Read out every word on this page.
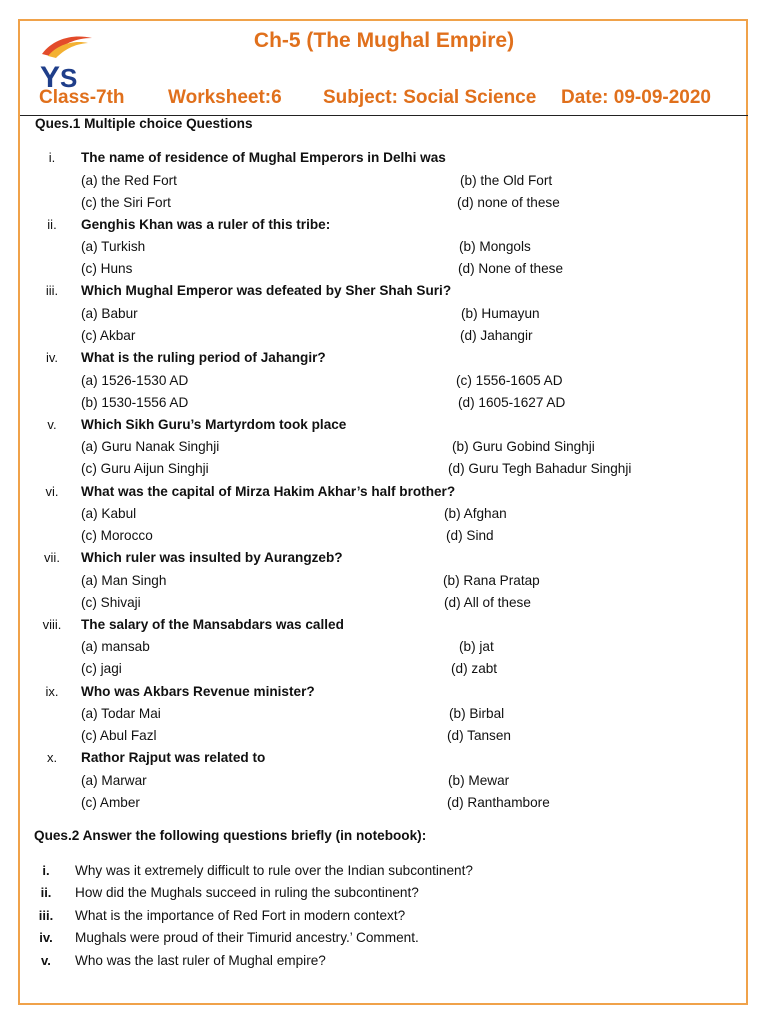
Y S
Ch-5 (The Mughal Empire)
Class-7th Worksheet:6 Subject: Social Science Date: 09-09-2020
Ques.1 Multiple choice Questions
i.	The name of residence of Mughal Emperors in Delhi was
(a) the Red Fort	(b) the Old Fort
(c) the Siri Fort	(d) none of these
ii.	Genghis Khan was a ruler of this tribe:
(a) Turkish	(b) Mongols
(c) Huns	(d) None of these
iii.	Which Mughal Emperor was defeated by Sher Shah Suri?
(a) Babur	(b) Humayun
(c) Akbar	(d) Jahangir
iv.	What is the ruling period of Jahangir?
(a) 1526-1530 AD	(c) 1556-1605 AD
(b) 1530-1556 AD	(d) 1605-1627 AD
v.	Which Sikh Guru’s Martyrdom took place
(a) Guru Nanak Singhji	(b) Guru Gobind Singhji
(c) Guru Aijun Singhji	(d) Guru Tegh Bahadur Singhji
vi.	What was the capital of Mirza Hakim Akhar’s half brother?
(a) Kabul	(b) Afghan
(c) Morocco	(d) Sind
vii.	Which ruler was insulted by Aurangzeb?
(a) Man Singh	(b) Rana Pratap
(c) Shivaji	(d) All of these
viii.	The salary of the Mansabdars was called
(a) mansab	(b) jat
(c) jagi	(d) zabt
ix.	Who was Akbars Revenue minister?
(a) Todar Mai	(b) Birbal
(c) Abul Fazl	(d) Tansen
x.	Rathor Rajput was related to
(a) Marwar	(b) Mewar
(c) Amber	(d) Ranthambore
Ques.2 Answer the following questions briefly (in notebook):
i.	Why was it extremely difficult to rule over the Indian subcontinent?
ii.	How did the Mughals succeed in ruling the subcontinent?
iii.	What is the importance of Red Fort in modern context?
iv.	Mughals were proud of their Timurid ancestry.’ Comment.
v.	Who was the last ruler of Mughal empire?
